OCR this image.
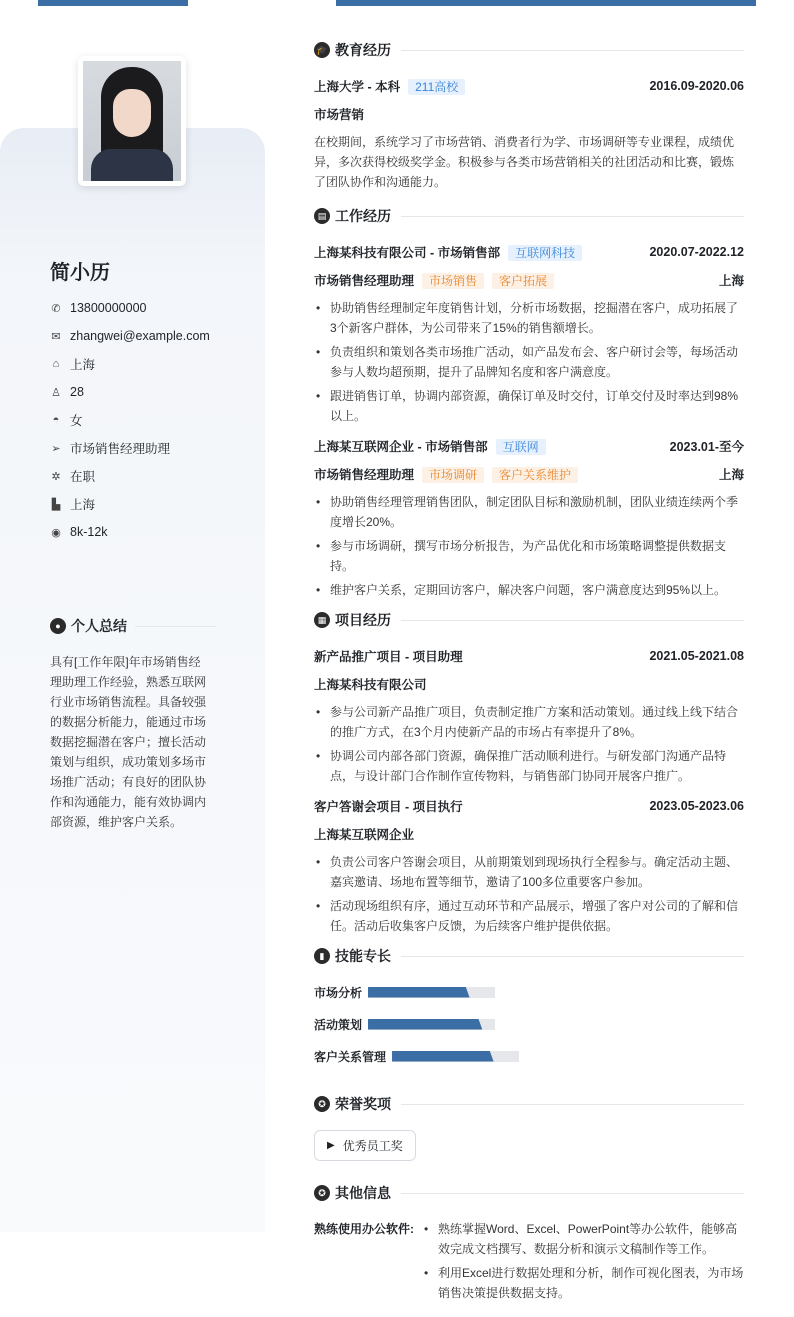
简小历
✆ 13800000000
✉ zhangwei@example.com
⌂ 上海
♙ 28
◓ 女
➢ 市场销售经理助理
✲ 在职
▙ 上海
◉ 8k-12k
● 个人总结
具有[工作年限]年市场销售经理助理工作经验，熟悉互联网行业市场销售流程。具备较强的数据分析能力，能通过市场数据挖掘潜在客户；擅长活动策划与组织，成功策划多场市场推广活动；有良好的团队协作和沟通能力，能有效协调内部资源，维护客户关系。
🎓 教育经历
上海大学 - 本科 211高校	2016.09-2020.06
市场营销

在校期间，系统学习了市场营销、消费者行为学、市场调研等专业课程，成绩优异，多次获得校级奖学金。积极参与各类市场营销相关的社团活动和比赛，锻炼了团队协作和沟通能力。

▤ 工作经历
上海某科技有限公司 - 市场销售部 互联网科技	2020.07-2022.12
市场销售经理助理 市场销售 客户拓展	上海
• 协助销售经理制定年度销售计划，分析市场数据，挖掘潜在客户，成功拓展了3个新客户群体，为公司带来了15%的销售额增长。
• 负责组织和策划各类市场推广活动，如产品发布会、客户研讨会等，每场活动参与人数均超预期，提升了品牌知名度和客户满意度。
• 跟进销售订单，协调内部资源，确保订单及时交付，订单交付及时率达到98%以上。
上海某互联网企业 - 市场销售部 互联网	2023.01-至今
市场销售经理助理 市场调研 客户关系维护	上海
• 协助销售经理管理销售团队，制定团队目标和激励机制，团队业绩连续两个季度增长20%。
• 参与市场调研，撰写市场分析报告，为产品优化和市场策略调整提供数据支持。
• 维护客户关系，定期回访客户，解决客户问题，客户满意度达到95%以上。
▦ 项目经历
新产品推广项目 - 项目助理	2021.05-2021.08
上海某科技有限公司
• 参与公司新产品推广项目，负责制定推广方案和活动策划。通过线上线下结合的推广方式，在3个月内使新产品的市场占有率提升了8%。
• 协调公司内部各部门资源，确保推广活动顺利进行。与研发部门沟通产品特点，与设计部门合作制作宣传物料，与销售部门协同开展客户推广。
客户答谢会项目 - 项目执行	2023.05-2023.06
上海某互联网企业
• 负责公司客户答谢会项目，从前期策划到现场执行全程参与。确定活动主题、嘉宾邀请、场地布置等细节，邀请了100多位重要客户参加。
• 活动现场组织有序，通过互动环节和产品展示，增强了客户对公司的了解和信任。活动后收集客户反馈，为后续客户维护提供依据。
▮ 技能专长
市场分析
活动策划
客户关系管理
✪ 荣誉奖项
▶ 优秀员工奖
✪ 其他信息
熟练使用办公软件:	• 熟练掌握Word、Excel、PowerPoint等办公软件，能够高效完成文档撰写、数据分析和演示文稿制作等工作。
• 利用Excel进行数据处理和分析，制作可视化图表，为市场销售决策提供数据支持。
